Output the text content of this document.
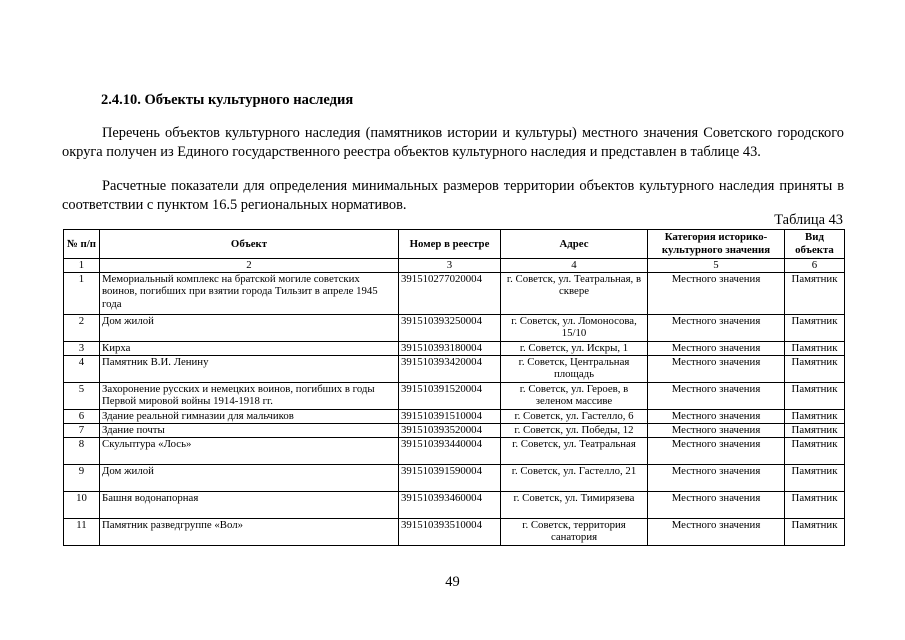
2.4.10. Объекты культурного наследия

Перечень объектов культурного наследия (памятников истории и культуры) местного значения Советского городского округа получен из Единого государственного реестра объектов культурного наследия и представлен в таблице 43.

Расчетные показатели для определения минимальных размеров территории объектов культурного наследия приняты в соответствии с пунктом 16.5 региональных нормативов.

Таблица 43
№ п/п	Объект	Номер в реестре	Адрес	Категория историко-культурного значения	Вид объекта
1	2	3	4	5	6
1	Мемориальный комплекс на братской могиле советских воинов, погибших при взятии города Тильзит в апреле 1945 года	391510277020004	г. Советск, ул. Театральная, в сквере	Местного значения	Памятник
2	Дом жилой	391510393250004	г. Советск, ул. Ломоносова, 15/10	Местного значения	Памятник
3	Кирха	391510393180004	г. Советск, ул. Искры, 1	Местного значения	Памятник
4	Памятник В.И. Ленину	391510393420004	г. Советск, Центральная площадь	Местного значения	Памятник
5	Захоронение русских и немецких воинов, погибших в годы Первой мировой войны 1914-1918 гг.	391510391520004	г. Советск, ул. Героев, в зеленом массиве	Местного значения	Памятник
6	Здание реальной гимназии для мальчиков	391510391510004	г. Советск, ул. Гастелло, 6	Местного значения	Памятник
7	Здание почты	391510393520004	г. Советск, ул. Победы, 12	Местного значения	Памятник
8	Скульптура «Лось»	391510393440004	г. Советск, ул. Театральная	Местного значения	Памятник
9	Дом жилой	391510391590004	г. Советск, ул. Гастелло, 21	Местного значения	Памятник
10	Башня водонапорная	391510393460004	г. Советск, ул. Тимирязева	Местного значения	Памятник
11	Памятник разведгруппе «Вол»	391510393510004	г. Советск, территория санатория	Местного значения	Памятник
49
